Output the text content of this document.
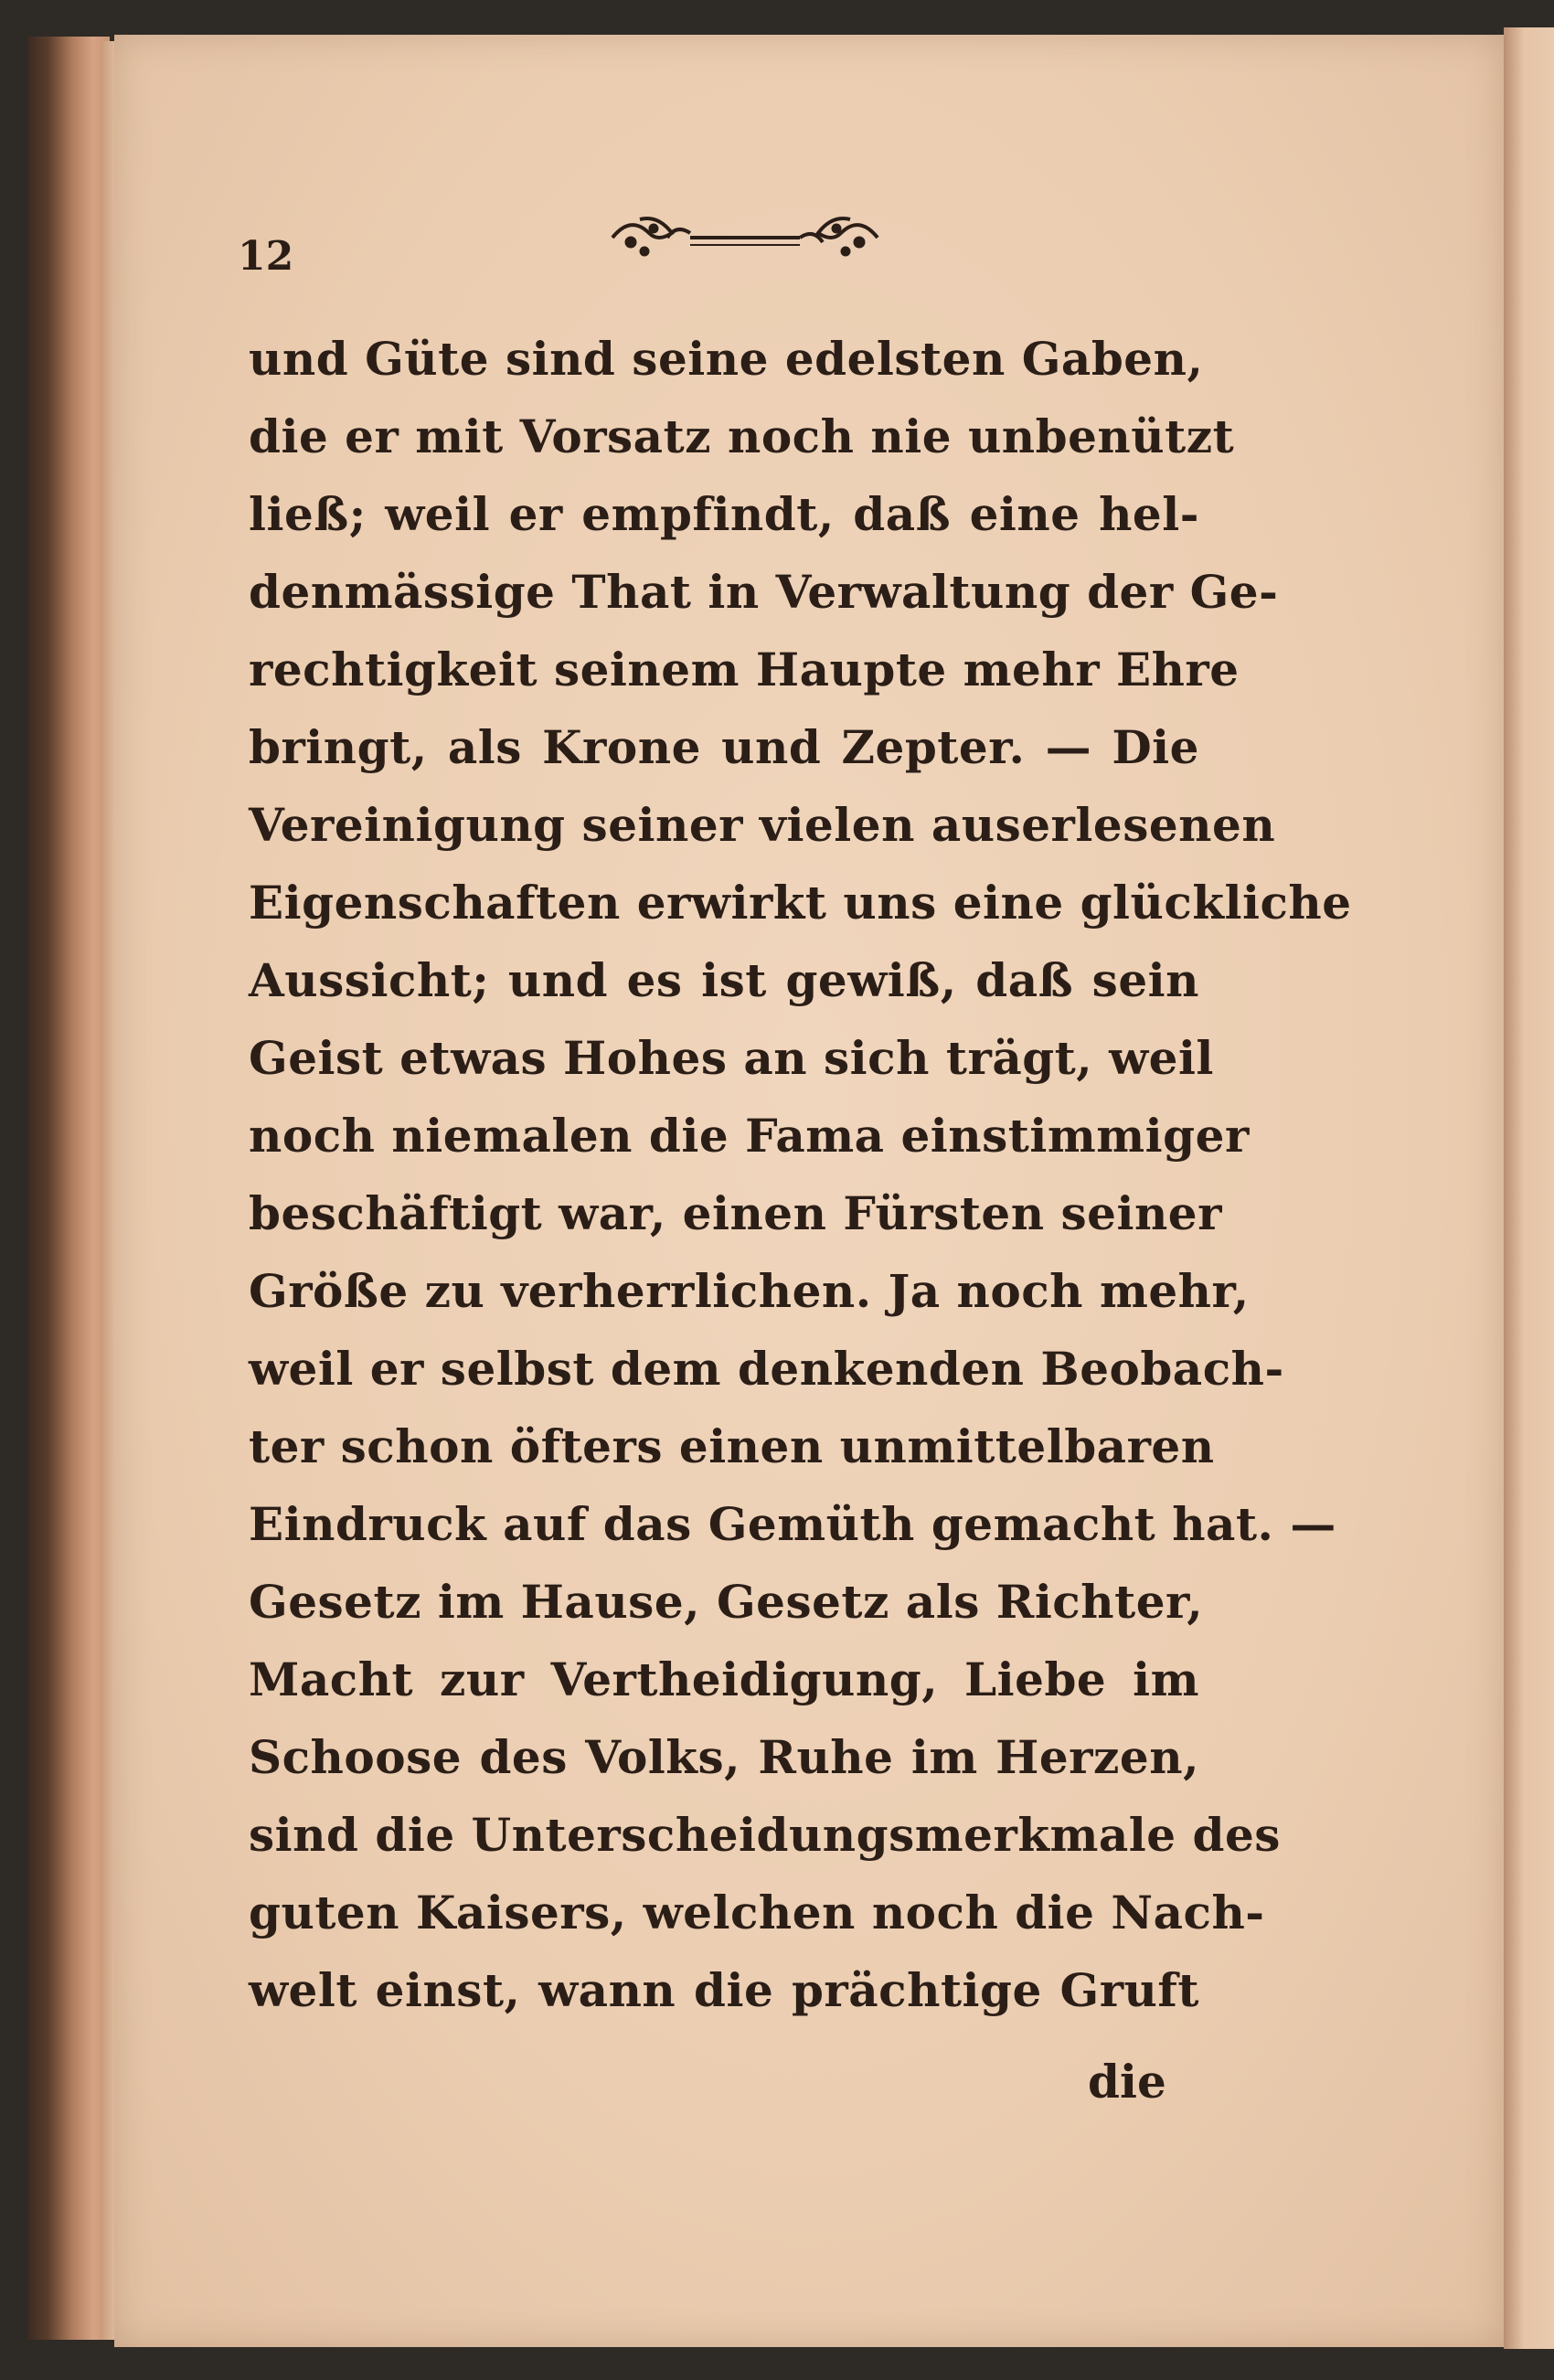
12
und Güte sind seine edelsten Gaben,
die er mit Vorsatz noch nie unbenützt
ließ; weil er empfindt, daß eine hel-
denmässige That in Verwaltung der Ge-
rechtigkeit seinem Haupte mehr Ehre
bringt, als Krone und Zepter. — Die
Vereinigung seiner vielen auserlesenen
Eigenschaften erwirkt uns eine glückliche
Aussicht; und es ist gewiß, daß sein
Geist etwas Hohes an sich trägt, weil
noch niemalen die Fama einstimmiger
beschäftigt war, einen Fürsten seiner
Größe zu verherrlichen. Ja noch mehr,
weil er selbst dem denkenden Beobach-
ter schon öfters einen unmittelbaren
Eindruck auf das Gemüth gemacht hat. —
Gesetz im Hause, Gesetz als Richter,
Macht zur Vertheidigung, Liebe im
Schoose des Volks, Ruhe im Herzen,
sind die Unterscheidungsmerkmale des
guten Kaisers, welchen noch die Nach-
welt einst, wann die prächtige Gruft
die
